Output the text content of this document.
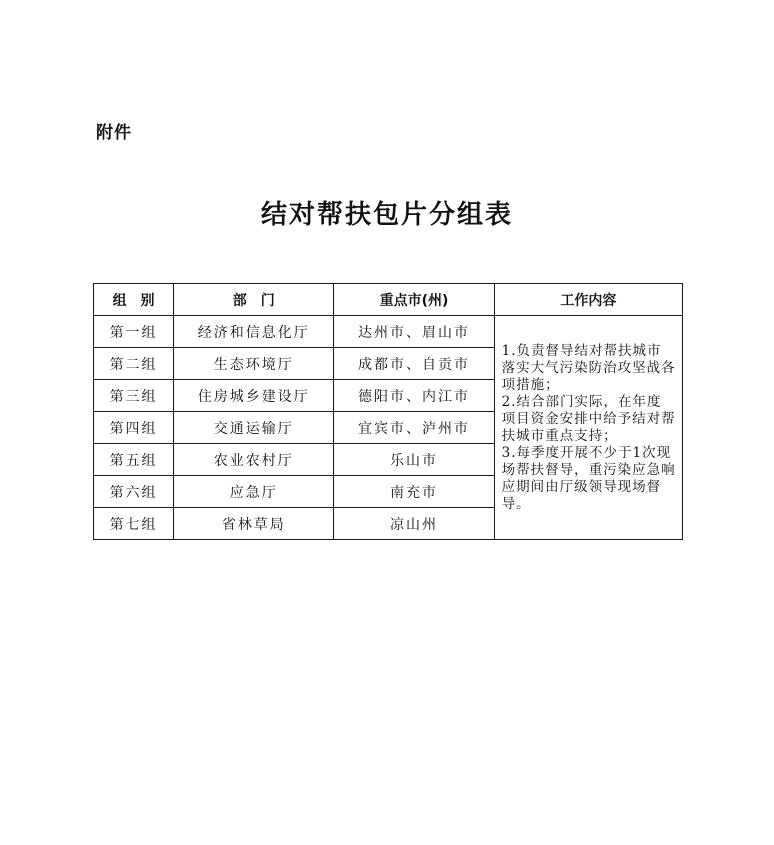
附件
结对帮扶包片分组表
组　别	部　门	重点市(州)	工作内容
第一组	经济和信息化厅	达州市、眉山市	1.负责督导结对帮扶城市落实大气污染防治攻坚战各项措施；
2.结合部门实际，在年度项目资金安排中给予结对帮扶城市重点支持；
3.每季度开展不少于1次现场帮扶督导，重污染应急响应期间由厅级领导现场督导。

第二组	生态环境厅	成都市、自贡市	
第三组	住房城乡建设厅	德阳市、内江市	
第四组	交通运输厅	宜宾市、泸州市	
第五组	农业农村厅	乐山市	
第六组	应急厅	南充市	
第七组	省林草局	凉山州	
